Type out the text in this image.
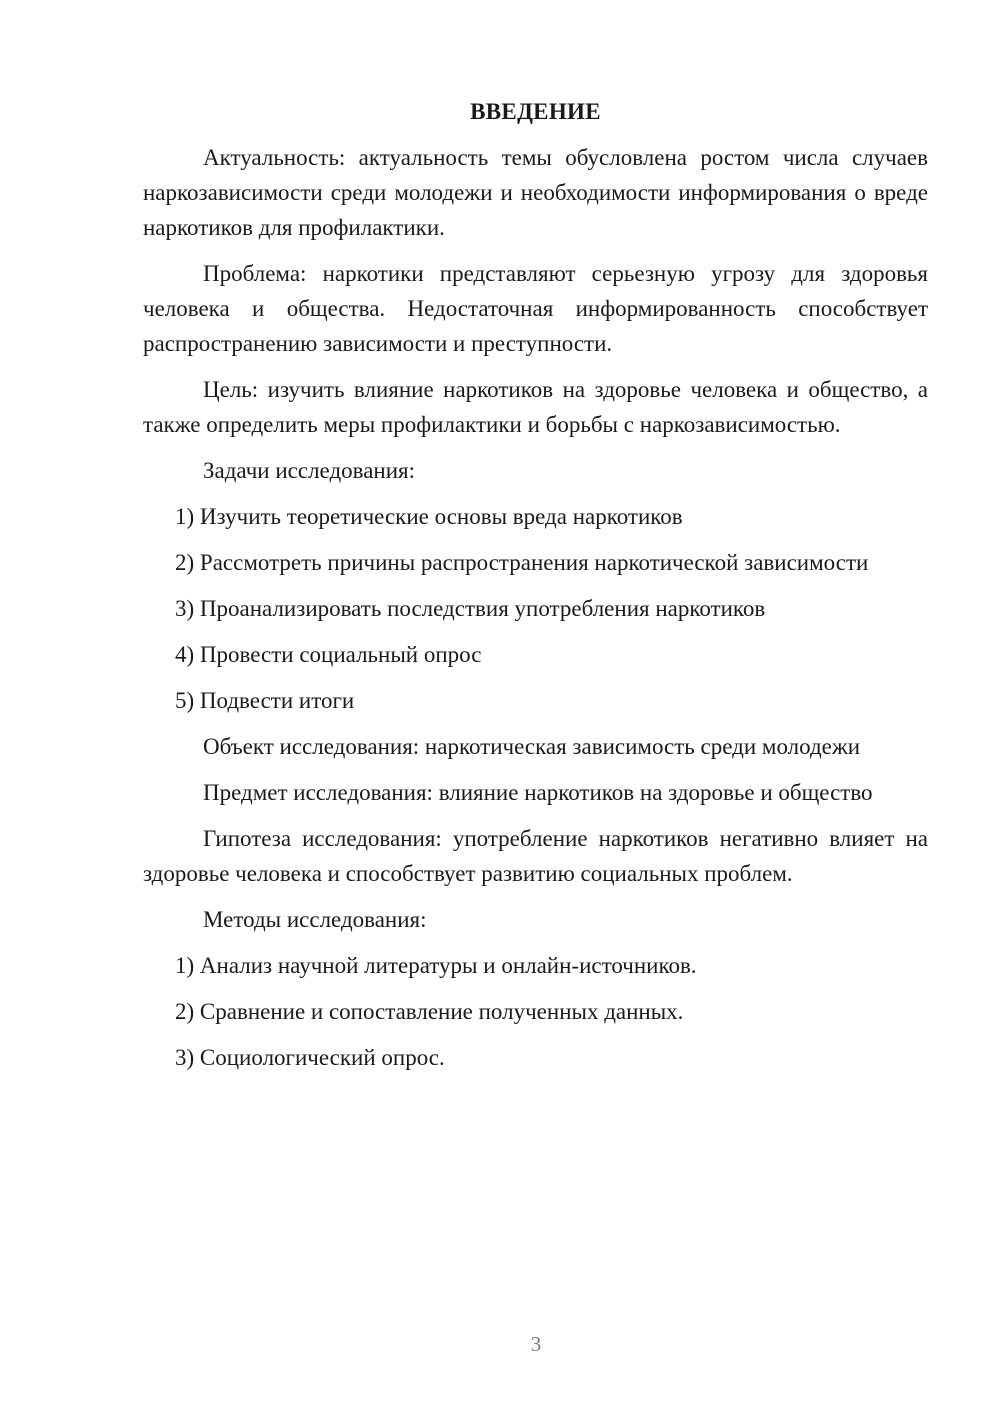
ВВЕДЕНИЕ
Актуальность: актуальность темы обусловлена ростом числа случаев наркозависимости среди молодежи и необходимости информирования о вреде наркотиков для профилактики.
Проблема: наркотики представляют серьезную угрозу для здоровья человека и общества. Недостаточная информированность способствует распространению зависимости и преступности.
Цель: изучить влияние наркотиков на здоровье человека и общество, а также определить меры профилактики и борьбы с наркозависимостью.
Задачи исследования:
1) Изучить теоретические основы вреда наркотиков
2) Рассмотреть причины распространения наркотической зависимости
3) Проанализировать последствия употребления наркотиков
4) Провести социальный опрос
5) Подвести итоги
Объект исследования: наркотическая зависимость среди молодежи
Предмет исследования: влияние наркотиков на здоровье и общество
Гипотеза исследования: употребление наркотиков негативно влияет на здоровье человека и способствует развитию социальных проблем.
Методы исследования:
1) Анализ научной литературы и онлайн-источников.
2) Сравнение и сопоставление полученных данных.
3) Социологический опрос.
3
